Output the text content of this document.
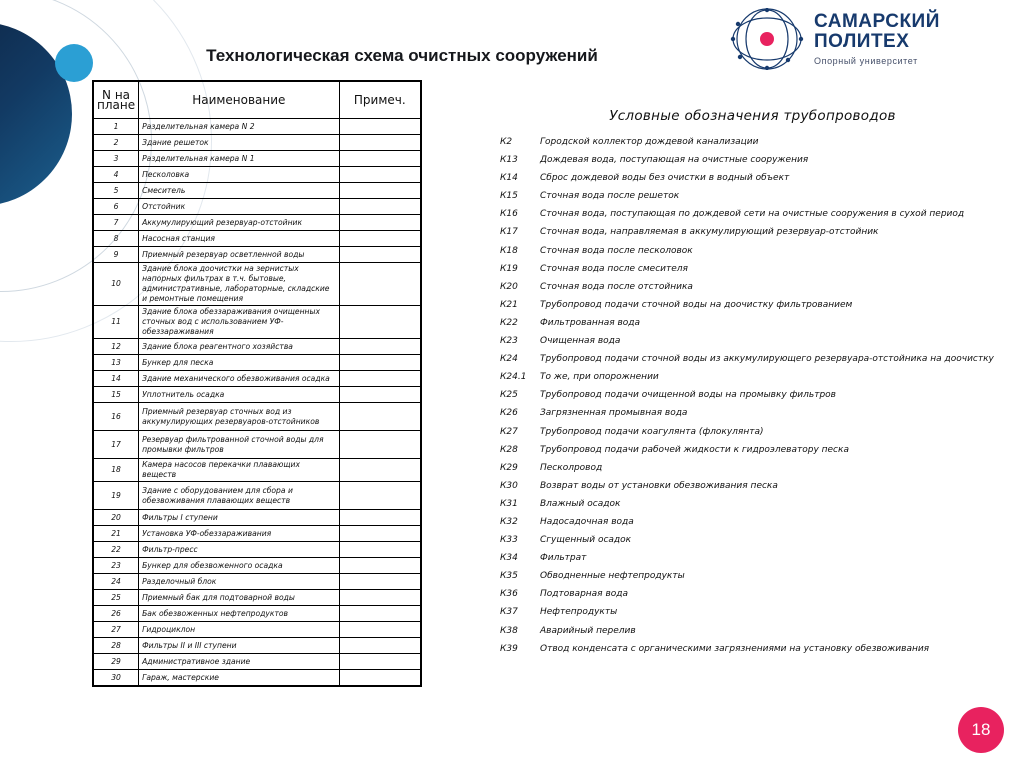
САМАРСКИЙ
ПОЛИТЕХ
Опорный университет
Технологическая схема очистных сооружений
N на плане	Наименование	Примеч.
1	Разделительная камера N 2	
2	Здание решеток	
3	Разделительная камера N 1	
4	Песколовка	
5	Смеситель	
6	Отстойник	
7	Аккумулирующий резервуар-отстойник	
8	Насосная станция	
9	Приемный резервуар осветленной воды	
10	Здание блока доочистки на зернистых напорных фильтрах в т.ч. бытовые, административные, лабораторные, складские и ремонтные помещения	
11	Здание блока обеззараживания очищенных сточных вод с использованием УФ-обеззараживания	
12	Здание блока реагентного хозяйства	
13	Бункер для песка	
14	Здание механического обезвоживания осадка	
15	Уплотнитель осадка	
16	Приемный резервуар сточных вод из аккумулирующих резервуаров-отстойников	
17	Резервуар фильтрованной сточной воды для промывки фильтров	
18	Камера насосов перекачки плавающих веществ	
19	Здание с оборудованием для сбора и обезвоживания плавающих веществ	
20	Фильтры I ступени	
21	Установка УФ-обеззараживания	
22	Фильтр-пресс	
23	Бункер для обезвоженного осадка	
24	Разделочный блок	
25	Приемный бак для подтоварной воды	
26	Бак обезвоженных нефтепродуктов	
27	Гидроциклон	
28	Фильтры II и III ступени	
29	Административное здание	
30	Гараж, мастерские	
Условные обозначения трубопроводов
К2	Городской коллектор дождевой канализации
К13	Дождевая вода, поступающая на очистные сооружения
К14	Сброс дождевой воды без очистки в водный объект
К15	Сточная вода после решеток
К16	Сточная вода, поступающая по дождевой сети на очистные сооружения в сухой период
К17	Сточная вода, направляемая в аккумулирующий резервуар-отстойник
К18	Сточная вода после песколовок
К19	Сточная вода после смесителя
К20	Сточная вода после отстойника
К21	Трубопровод подачи сточной воды на доочистку фильтрованием
К22	Фильтрованная вода
К23	Очищенная вода
К24	Трубопровод подачи сточной воды из аккумулирующего резервуара-отстойника на доочистку
К24.1	То же, при опорожнении
К25	Трубопровод подачи очищенной воды на промывку фильтров
К26	Загрязненная промывная вода
К27	Трубопровод подачи коагулянта (флокулянта)
К28	Трубопровод подачи рабочей жидкости к гидроэлеватору песка
К29	Песколровод
К30	Возврат воды от установки обезвоживания песка
К31	Влажный осадок
К32	Надосадочная вода
К33	Сгущенный осадок
К34	Фильтрат
К35	Обводненные нефтепродукты
К36	Подтоварная вода
К37	Нефтепродукты
К38	Аварийный перелив
К39	Отвод конденсата с органическими загрязнениями на установку обезвоживания
18
